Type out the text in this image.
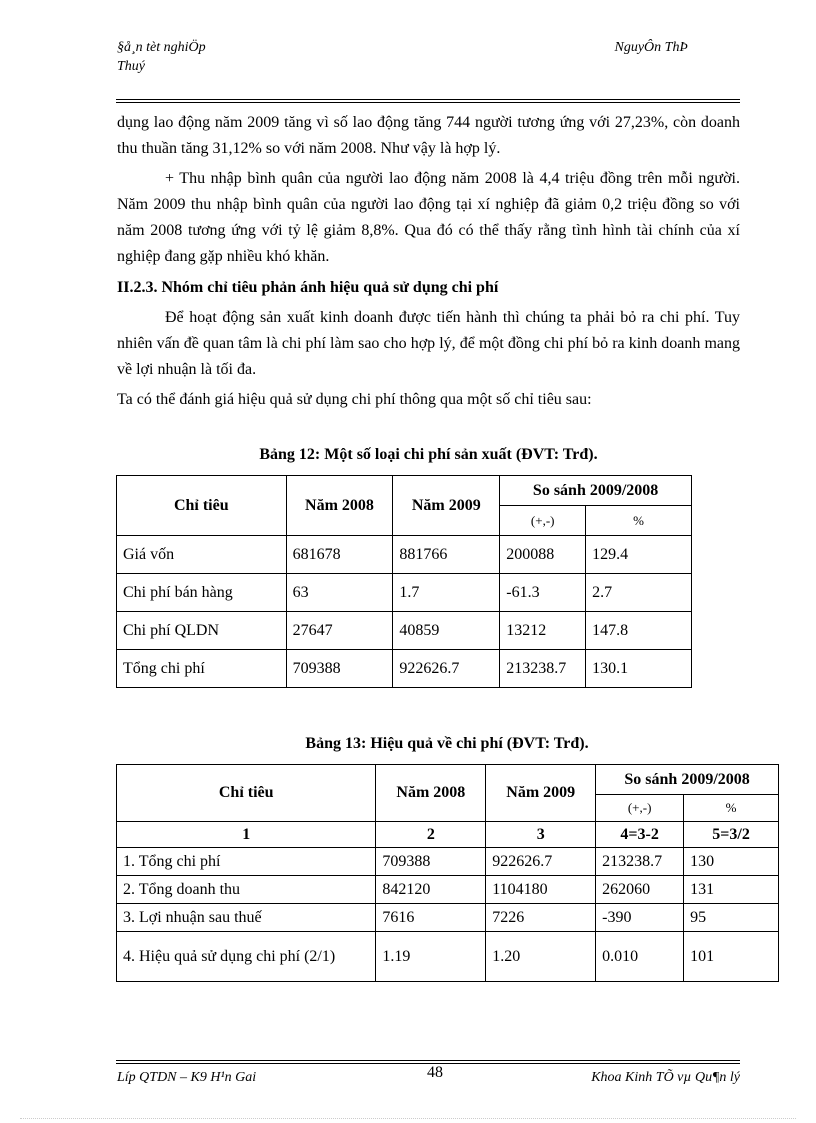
§å¸n tèt nghiÖp
Thuý
NguyÔn ThÞ

dụng lao động năm 2009 tăng vì số lao động tăng 744 người tương ứng với 27,23%, còn doanh thu thuần tăng 31,12% so với năm 2008. Như vậy là hợp lý.

+ Thu nhập bình quân của người lao động năm 2008 là 4,4 triệu đồng trên mỗi người. Năm 2009 thu nhập bình quân của người lao động tại xí nghiệp đã giảm 0,2 triệu đồng so với năm 2008 tương ứng với tỷ lệ giảm 8,8%. Qua đó có thể thấy rằng tình hình tài chính của xí nghiệp đang gặp nhiều khó khăn.

II.2.3. Nhóm chỉ tiêu phản ánh hiệu quả sử dụng chi phí

Để hoạt động sản xuất kinh doanh được tiến hành thì chúng ta phải bỏ ra chi phí. Tuy nhiên vấn đề quan tâm là chi phí làm sao cho hợp lý, để một đồng chi phí bỏ ra kinh doanh mang về lợi nhuận là tối đa.

Ta có thể đánh giá hiệu quả sử dụng chi phí thông qua một số chỉ tiêu sau:

Bảng 12: Một số loại chi phí sản xuất (ĐVT: Trđ).
Chỉ tiêu	Năm 2008	Năm 2009	So sánh 2009/2008	
			(+,-)	%
Giá vốn	681678	881766	200088	129.4
Chi phí bán hàng	63	1.7	-61.3	2.7
Chi phí QLDN	27647	40859	13212	147.8
Tổng chi phí	709388	922626.7	213238.7	130.1
Bảng 13: Hiệu quả về chi phí (ĐVT: Trđ).
Chỉ tiêu	Năm 2008	Năm 2009	So sánh 2009/2008	
			(+,-)	%
1	2	3	4=3-2	5=3/2
1. Tổng chi phí	709388	922626.7	213238.7	130
2. Tổng doanh thu	842120	1104180	262060	131
3. Lợi nhuận sau thuế	7616	7226	-390	95
4. Hiệu quả sử dụng chi phí (2/1)	1.19	1.20	0.010	101
Líp QTDN – K9 H¹n Gai	48	Khoa Kinh TÕ vµ Qu¶n lý
